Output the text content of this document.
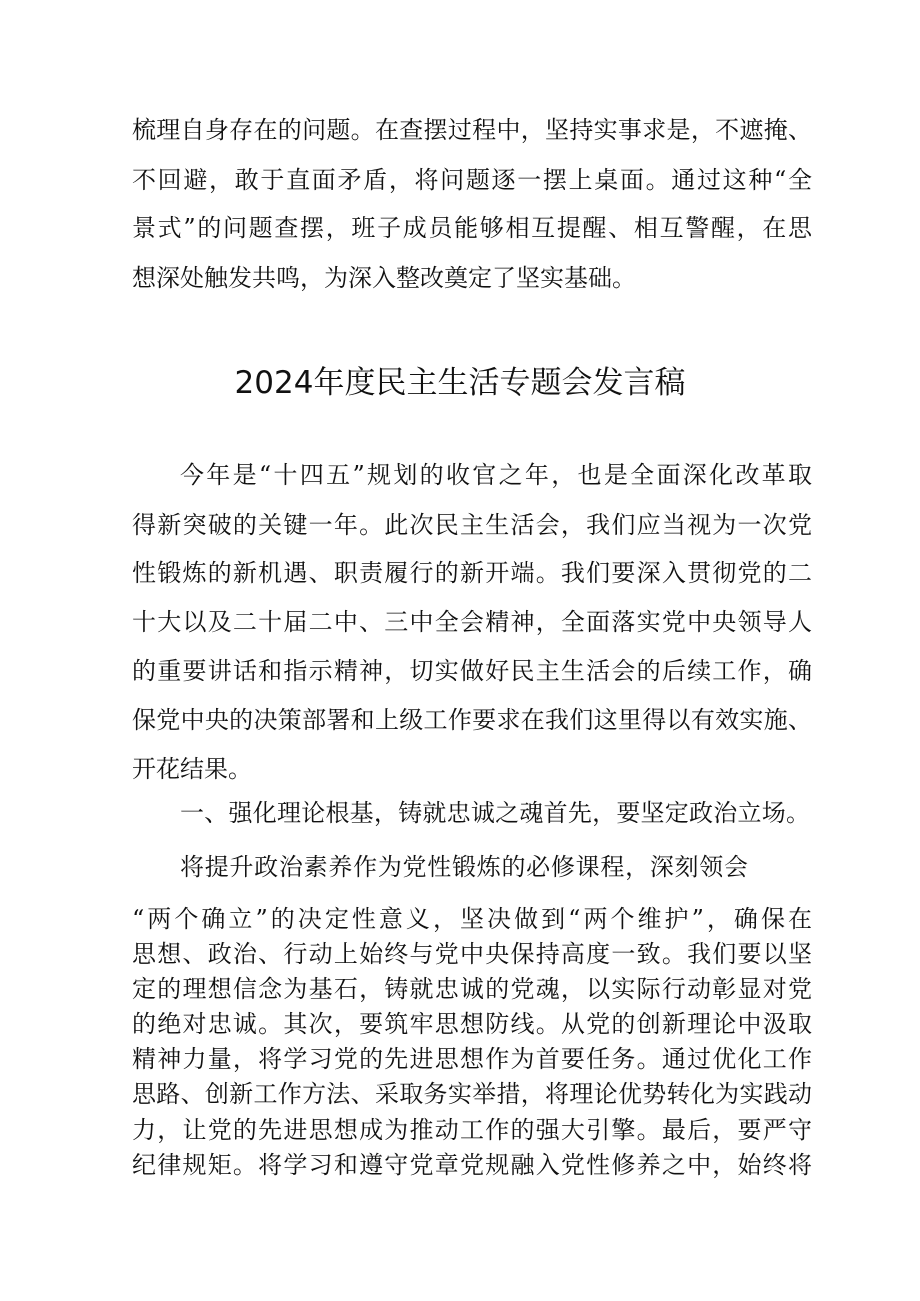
梳理自身存在的问题。在查摆过程中，坚持实事求是，不遮掩、
不回避，敢于直面矛盾，将问题逐一摆上桌面。通过这种“全
景式”的问题查摆，班子成员能够相互提醒、相互警醒，在思
想深处触发共鸣，为深入整改奠定了坚实基础。
2024年度民主生活专题会发言稿
今年是“十四五”规划的收官之年，也是全面深化改革取
得新突破的关键一年。此次民主生活会，我们应当视为一次党
性锻炼的新机遇、职责履行的新开端。我们要深入贯彻党的二
十大以及二十届二中、三中全会精神，全面落实党中央领导人
的重要讲话和指示精神，切实做好民主生活会的后续工作，确
保党中央的决策部署和上级工作要求在我们这里得以有效实施、
开花结果。
一、强化理论根基，铸就忠诚之魂首先，要坚定政治立场。
将提升政治素养作为党性锻炼的必修课程，深刻领会
“两个确立”的决定性意义，坚决做到“两个维护”，确保在
思想、政治、行动上始终与党中央保持高度一致。我们要以坚
定的理想信念为基石，铸就忠诚的党魂，以实际行动彰显对党
的绝对忠诚。其次，要筑牢思想防线。从党的创新理论中汲取
精神力量，将学习党的先进思想作为首要任务。通过优化工作
思路、创新工作方法、采取务实举措，将理论优势转化为实践动
力，让党的先进思想成为推动工作的强大引擎。最后，要严守
纪律规矩。将学习和遵守党章党规融入党性修养之中，始终将
